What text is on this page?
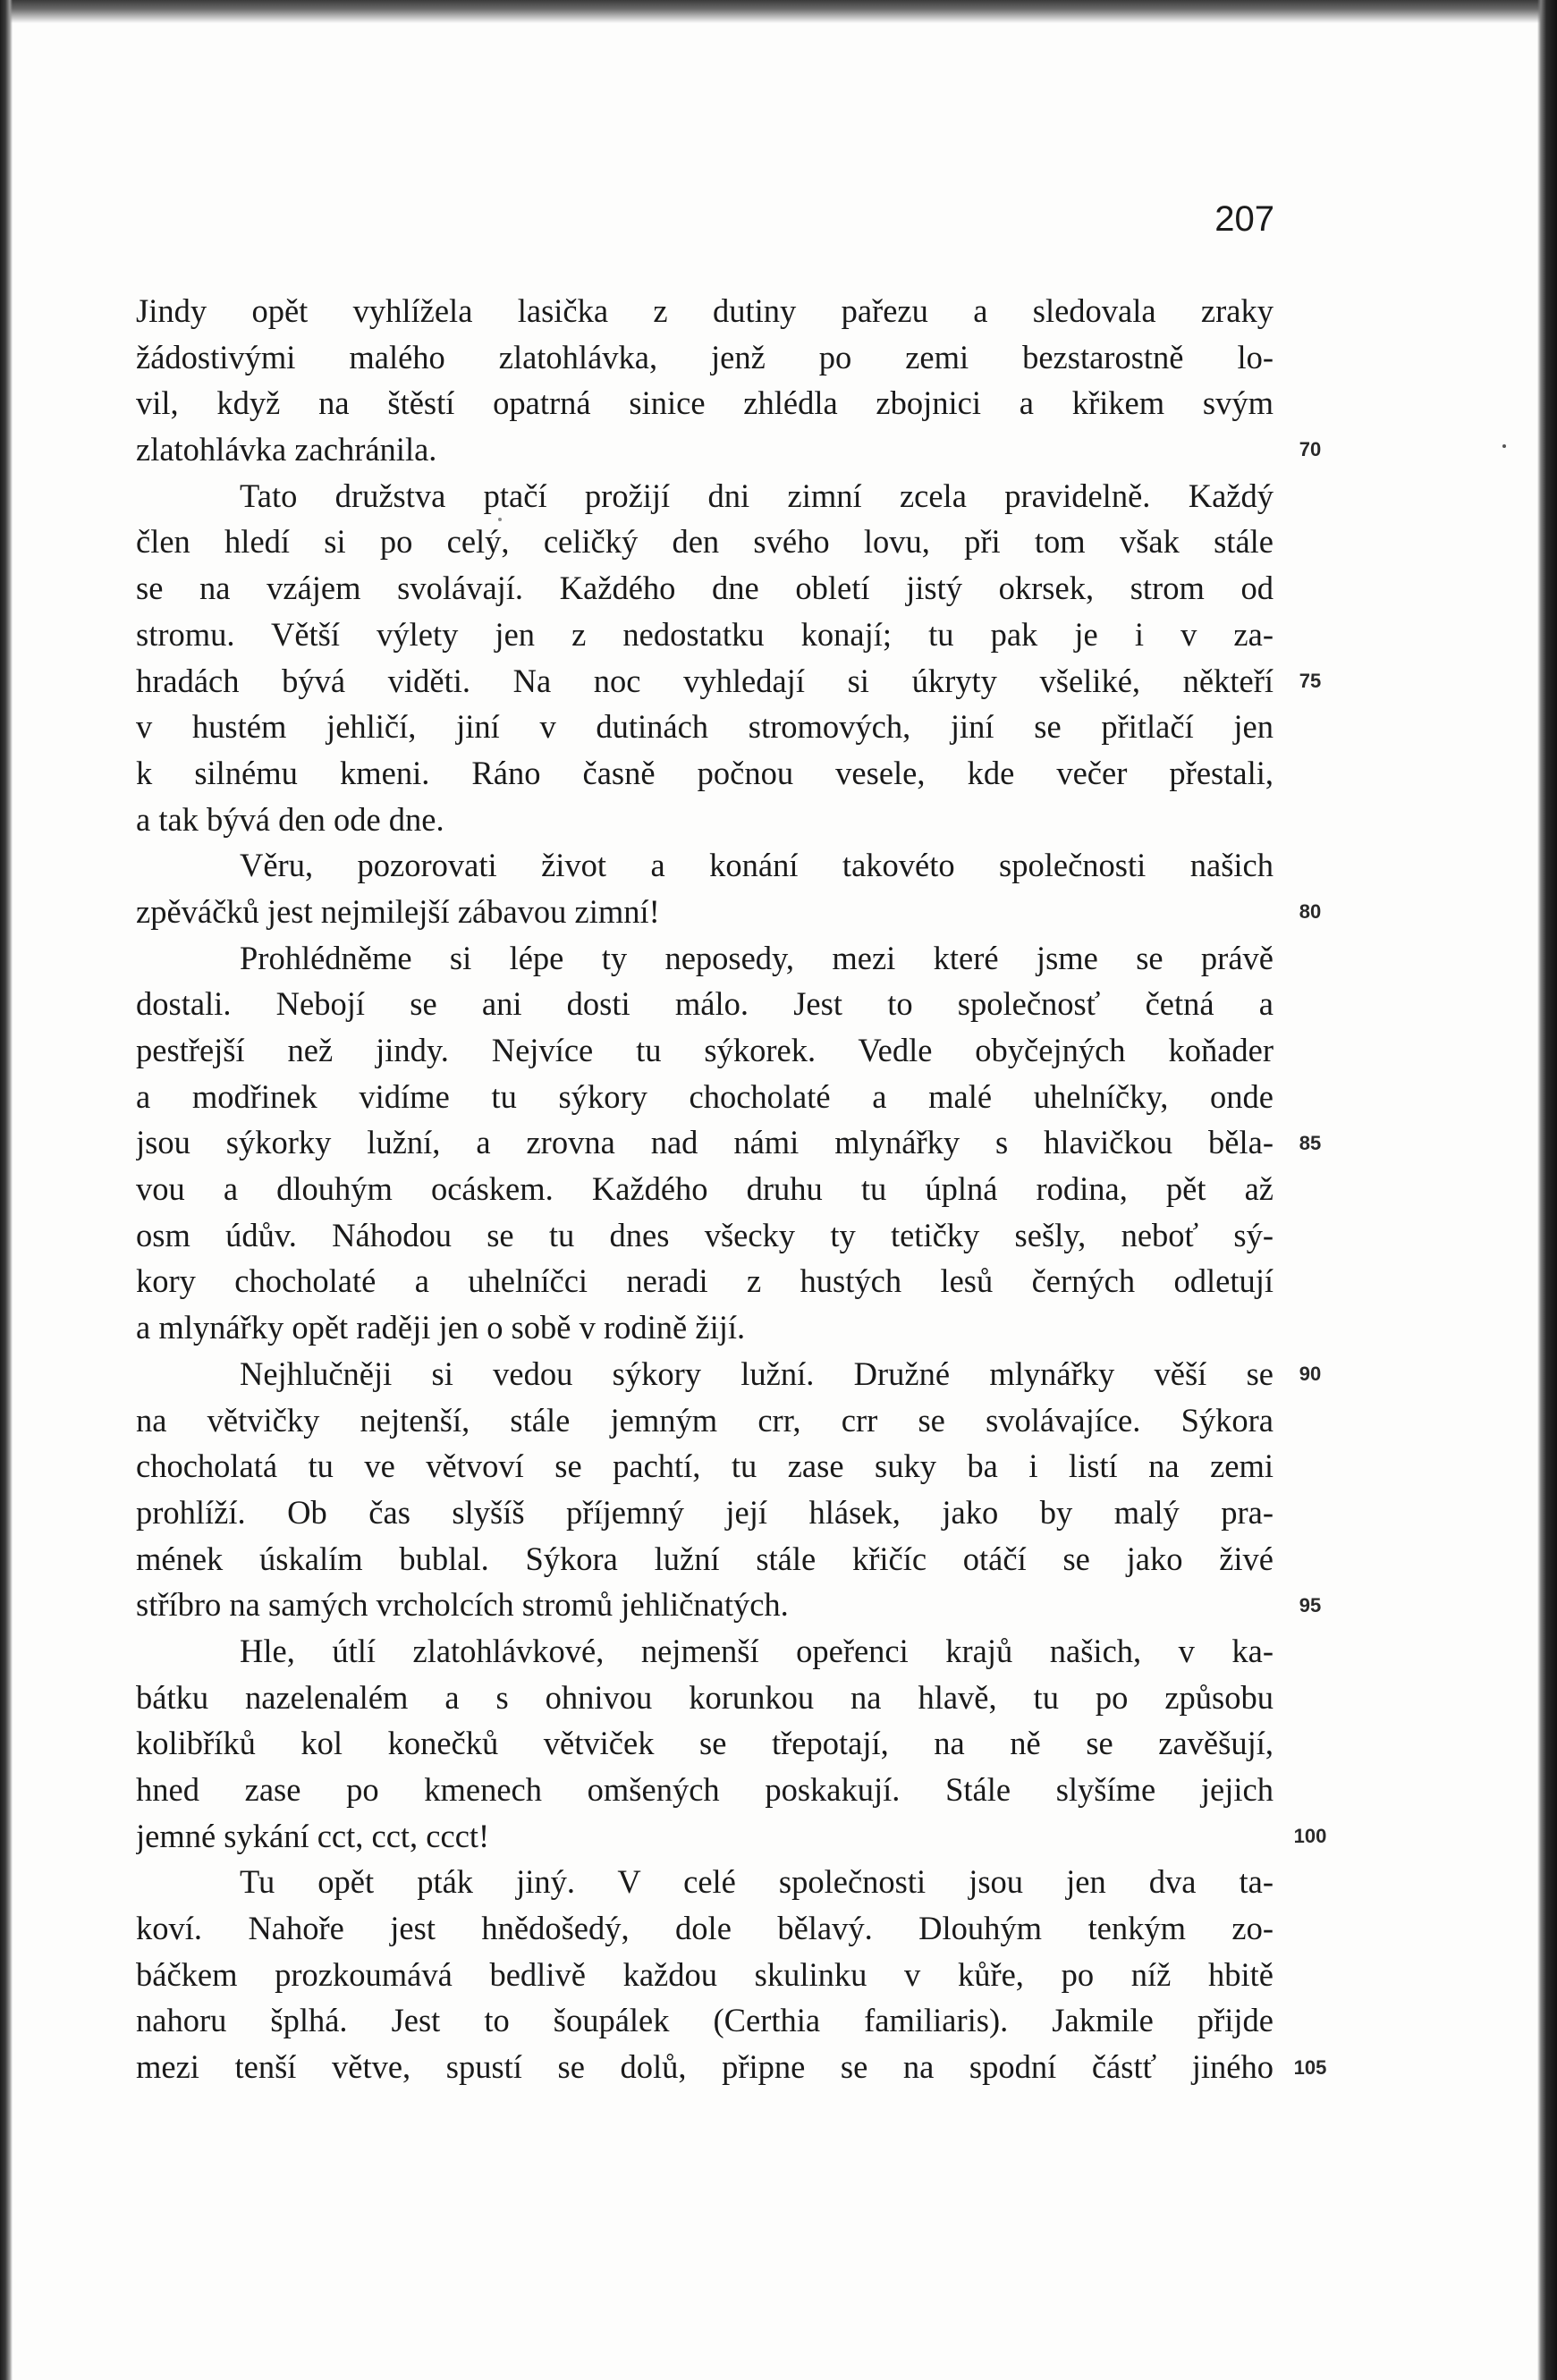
207
Jindy opět vyhlížela lasička z dutiny pařezu a sledovala zraky
žádostivými malého zlatohlávka, jenž po zemi bezstarostně lo-
vil, když na štěstí opatrná sinice zhlédla zbojnici a křikem svým
zlatohlávka zachránila.
Tato družstva ptačí prožijí dni zimní zcela pravidelně. Každý
člen hledí si po celý, celičký den svého lovu, při tom však stále
se na vzájem svolávají. Každého dne obletí jistý okrsek, strom od
stromu. Větší výlety jen z nedostatku konají; tu pak je i v za-
hradách bývá viděti. Na noc vyhledají si úkryty všeliké, někteří
v hustém jehličí, jiní v dutinách stromových, jiní se přitlačí jen
k silnému kmeni. Ráno časně počnou vesele, kde večer přestali,
a tak bývá den ode dne.
Věru, pozorovati život a konání takovéto společnosti našich
zpěváčků jest nejmilejší zábavou zimní!
Prohlédněme si lépe ty neposedy, mezi které jsme se právě
dostali. Nebojí se ani dosti málo. Jest to společnosť četná a
pestřejší než jindy. Nejvíce tu sýkorek. Vedle obyčejných koňader
a modřinek vidíme tu sýkory chocholaté a malé uhelníčky, onde
jsou sýkorky lužní, a zrovna nad námi mlynářky s hlavičkou běla-
vou a dlouhým ocáskem. Každého druhu tu úplná rodina, pět až
osm údův. Náhodou se tu dnes všecky ty tetičky sešly, neboť sý-
kory chocholaté a uhelníčci neradi z hustých lesů černých odletují
a mlynářky opět raději jen o sobě v rodině žijí.
Nejhlučněji si vedou sýkory lužní. Družné mlynářky věší se
na větvičky nejtenší, stále jemným crr, crr se svolávajíce. Sýkora
chocholatá tu ve větvoví se pachtí, tu zase suky ba i listí na zemi
prohlíží. Ob čas slyšíš příjemný její hlásek, jako by malý pra-
mének úskalím bublal. Sýkora lužní stále křičíc otáčí se jako živé
stříbro na samých vrcholcích stromů jehličnatých.
Hle, útlí zlatohlávkové, nejmenší opeřenci krajů našich, v ka-
bátku nazelenalém a s ohnivou korunkou na hlavě, tu po způsobu
kolibříků kol konečků větviček se třepotají, na ně se zavěšují,
hned zase po kmenech omšených poskakují. Stále slyšíme jejich
jemné sykání cct, cct, ccct!
Tu opět pták jiný. V celé společnosti jsou jen dva ta-
koví. Nahoře jest hnědošedý, dole bělavý. Dlouhým tenkým zo-
báčkem prozkoumává bedlivě každou skulinku v kůře, po níž hbitě
nahoru šplhá. Jest to šoupálek (Certhia familiaris). Jakmile přijde
mezi tenší větve, spustí se dolů, připne se na spodní částť jiného
70
75
80
85
90
95
100
105
